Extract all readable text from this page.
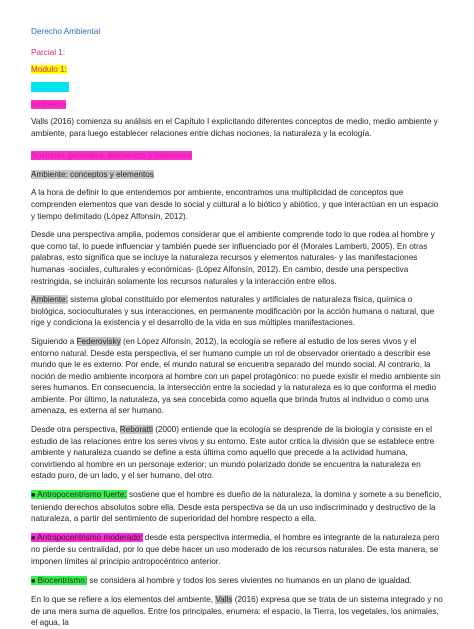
Derecho Ambiental

Parcial 1:

Modulo 1:

Ambiente

Valls (2016) comienza su análisis en el Capítulo I explicitando diferentes conceptos de medio, medio ambiente y ambiente, para luego establecer relaciones entre dichas nociones, la naturaleza y la ecología.

Nociones generales, elementos y relaciones

Ambiente: conceptos y elementos

A la hora de definir lo que entendemos por ambiente, encontramos una multiplicidad de conceptos que comprenden elementos que van desde lo social y cultural a lo biótico y abiótico, y que interactúan en un espacio y tiempo delimitado (López Alfonsín, 2012).

Desde una perspectiva amplia, podemos considerar que el ambiente comprende todo lo que rodea al hombre y que como tal, lo puede influenciar y también puede ser influenciado por él (Morales Lamberti, 2005). En otras palabras, esto significa que se incluye la naturaleza recursos y elementos naturales- y las manifestaciones humanas -sociales, culturales y económicas- (López Alfonsín, 2012). En cambio, desde una perspectiva restringida, se incluirán solamente los recursos naturales y la interacción entre ellos.

Ambiente: sistema global constituido por elementos naturales y artificiales de naturaleza física, química o biológica, socioculturales y sus interacciones, en permanente modificación por la acción humana o natural, que rige y condiciona la existencia y el desarrollo de la vida en sus múltiples manifestaciones.

Siguiendo a Federovisky (en López Alfonsín, 2012), la ecología se refiere al estudio de los seres vivos y el entorno natural. Desde esta perspectiva, el ser humano cumple un rol de observador orientado a describir ese mundo que le es externo. Por ende, el mundo natural se encuentra separado del mundo social. Al contrario, la noción de medio ambiente incorpora al hombre con un papel protagónico: no puede existir el medio ambiente sin seres humanos. En consecuencia, la intersección entre la sociedad y la naturaleza es lo que conforma el medio ambiente. Por último, la naturaleza, ya sea concebida como aquella que brinda frutos al individuo o como una amenaza, es externa al ser humano.

Desde otra perspectiva, Reboratti (2000) entiende que la ecología se desprende de la biología y consiste en el estudio de las relaciones entre los seres vivos y su entorno. Este autor critica la división que se establece entre ambiente y naturaleza cuando se define a esta última como aquello que precede a la actividad humana, convirtiendo al hombre en un personaje exterior; un mundo polarizado donde se encuentra la naturaleza en estado puro, de un lado, y el ser humano, del otro.

■ Antropocentrismo fuerte: sostiene que el hombre es dueño de la naturaleza, la domina y somete a su beneficio, teniendo derechos absolutos sobre ella. Desde esta perspectiva se da un uso indiscriminado y destructivo de la naturaleza, a partir del sentimiento de superioridad del hombre respecto a ella.

■ Antropocentrismo moderado: desde esta perspectiva intermedia, el hombre es integrante de la naturaleza pero no pierde su centralidad, por lo que debe hacer un uso moderado de los recursos naturales. De esta manera, se imponen límites al principio antropocéntrico anterior.

■ Biocentrismo: se considera al hombre y todos los seres vivientes no humanos en un plano de igualdad.

En lo que se refiere a los elementos del ambiente, Valls (2016) expresa que se trata de un sistema integrado y no de una mera suma de aquellos. Entre los principales, enumera: el espacio, la Tierra, los vegetales, los animales, el agua, la
